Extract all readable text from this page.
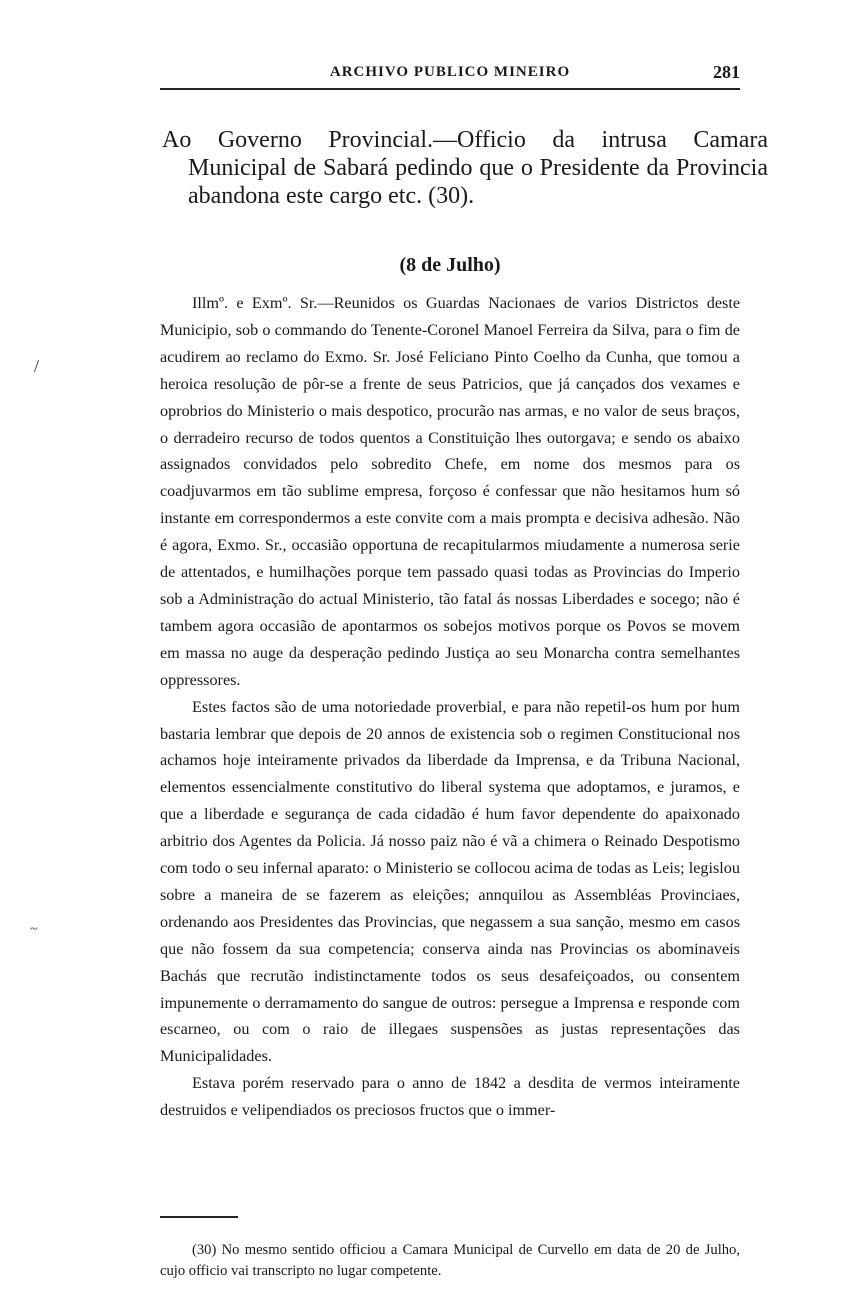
ARCHIVO PUBLICO MINEIRO	281
Ao Governo Provincial.—Officio da intrusa Camara Municipal de Sabará pedindo que o Presidente da Provincia abandona este cargo etc. (30).
(8 de Julho)

Illmº. e Exmº. Sr.—Reunidos os Guardas Nacionaes de varios Districtos deste Municipio, sob o commando do Tenente-Coronel Manoel Ferreira da Silva, para o fim de acudirem ao reclamo do Exmo. Sr. José Feliciano Pinto Coelho da Cunha, que tomou a heroica resolução de pôr-se a frente de seus Patricios, que já cançados dos vexames e oprobrios do Ministerio o mais despotico, procurão nas armas, e no valor de seus braços, o derradeiro recurso de todos quentos a Constituição lhes outorgava; e sendo os abaixo assignados convidados pelo sobredito Chefe, em nome dos mesmos para os coadjuvarmos em tão sublime empresa, forçoso é confessar que não hesitamos hum só instante em correspondermos a este convite com a mais prompta e decisiva adhesão. Não é agora, Exmo. Sr., occasião opportuna de recapitularmos miudamente a numerosa serie de attentados, e humilhações porque tem passado quasi todas as Provincias do Imperio sob a Administração do actual Ministerio, tão fatal ás nossas Liberdades e socego; não é tambem agora occasião de apontarmos os sobejos motivos porque os Povos se movem em massa no auge da desperação pedindo Justiça ao seu Monarcha contra semelhantes oppressores.

Estes factos são de uma notoriedade proverbial, e para não repetil-os hum por hum bastaria lembrar que depois de 20 annos de existencia sob o regimen Constitucional nos achamos hoje inteiramente privados da liberdade da Imprensa, e da Tribuna Nacional, elementos essencialmente constitutivo do liberal systema que adoptamos, e juramos, e que a liberdade e segurança de cada cidadão é hum favor dependente do apaixonado arbitrio dos Agentes da Policia. Já nosso paiz não é vã a chimera o Reinado Despotismo com todo o seu infernal aparato: o Ministerio se collocou acima de todas as Leis; legislou sobre a maneira de se fazerem as eleições; annquilou as Assembléas Provinciaes, ordenando aos Presidentes das Provincias, que negassem a sua sanção, mesmo em casos que não fossem da sua competencia; conserva ainda nas Provincias os abominaveis Bachás que recrutão indistinctamente todos os seus desafeiçoados, ou consentem impunemente o derramamento do sangue de outros: persegue a Imprensa e responde com escarneo, ou com o raio de illegaes suspensões as justas representações das Municipalidades.

Estava porém reservado para o anno de 1842 a desdita de vermos inteiramente destruidos e velipendiados os preciosos fructos que o immer-

(30) No mesmo sentido officiou a Camara Municipal de Curvello em data de 20 de Julho, cujo officio vai transcripto no lugar competente.
/
~
